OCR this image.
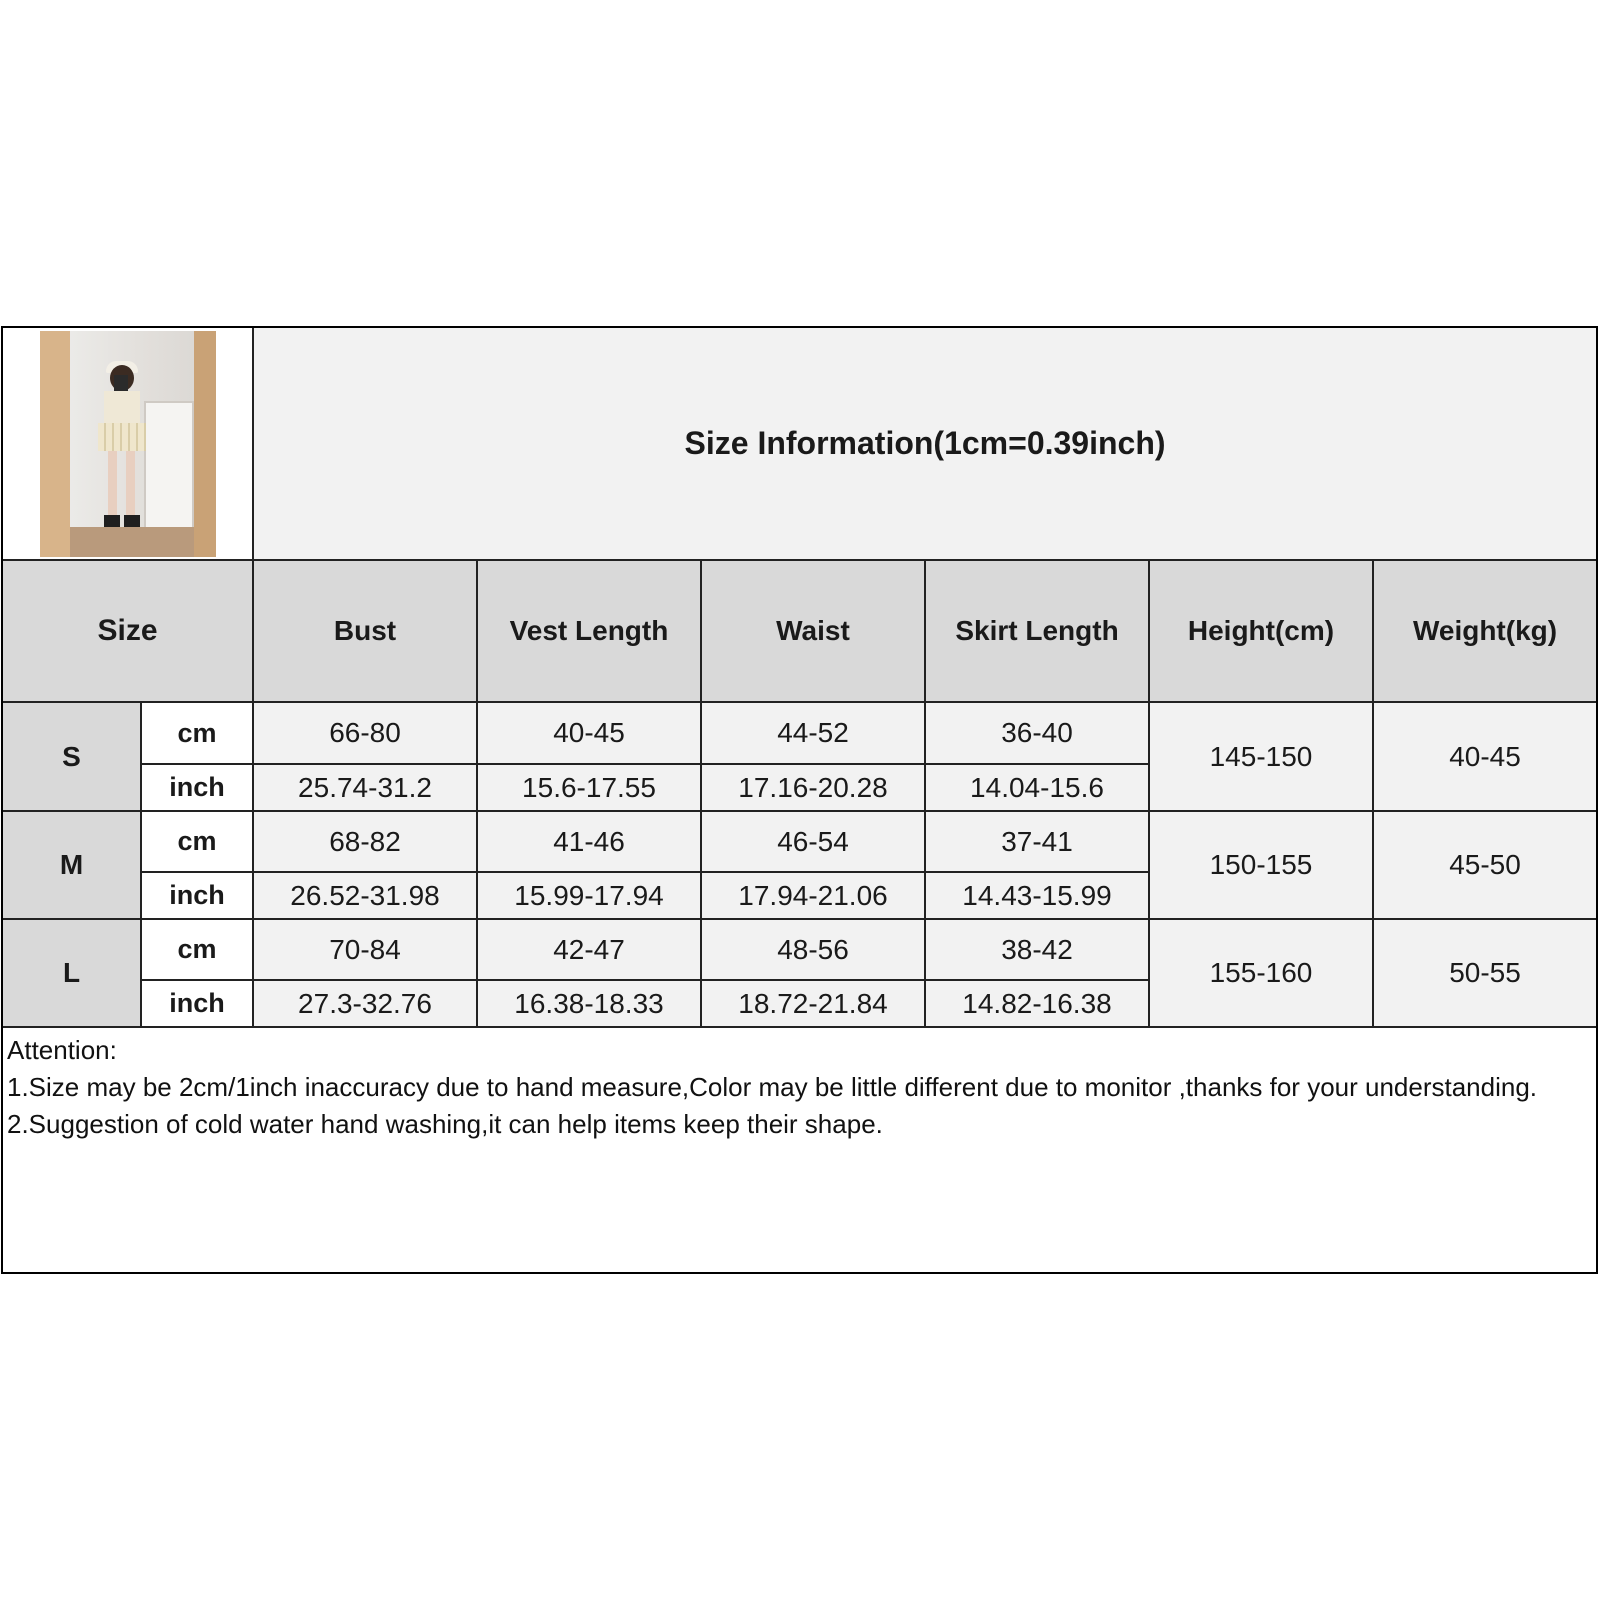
		Size Information(1cm=0.39inch)					
Size		Bust	Vest Length	Waist	Skirt Length	Height(cm)	Weight(kg)
S	cm	66-80	40-45	44-52	36-40	145-150	40-45
	inch	25.74-31.2	15.6-17.55	17.16-20.28	14.04-15.6		
M	cm	68-82	41-46	46-54	37-41	150-155	45-50
	inch	26.52-31.98	15.99-17.94	17.94-21.06	14.43-15.99		
L	cm	70-84	42-47	48-56	38-42	155-160	50-55
	inch	27.3-32.76	16.38-18.33	18.72-21.84	14.82-16.38		
Attention:
1.Size may be 2cm/1inch inaccuracy due to hand measure,Color may be little different due to monitor ,thanks for your understanding.
2.Suggestion of cold water hand washing,it can help items keep their shape.
